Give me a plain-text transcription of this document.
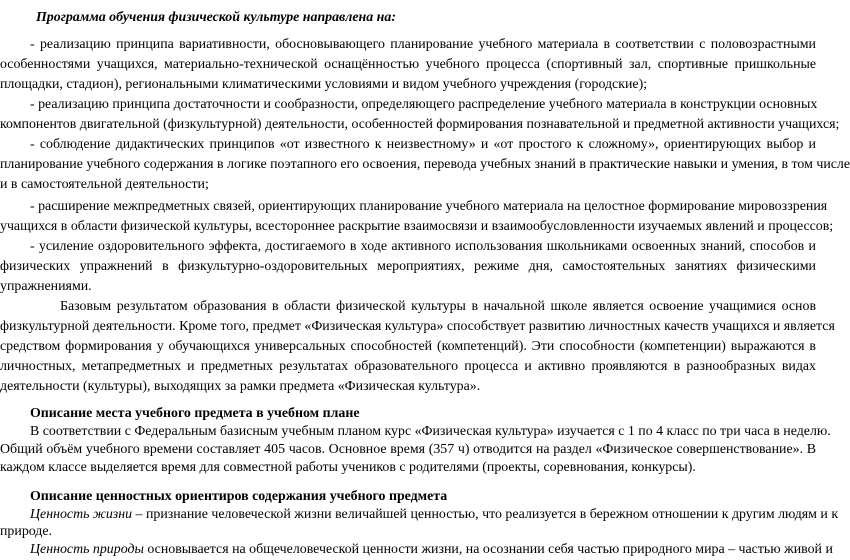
Программа обучения физической культуре направлена на:
- реализацию принципа вариативности, обосновывающего планирование учебного материала в соответствии с половозрастными
особенностями учащихся, материально-технической оснащённостью учебного процесса (спортивный зал, спортивные пришкольные
площадки, стадион), региональными климатическими условиями и видом учебного учреждения (городские);
- реализацию принципа достаточности и сообразности, определяющего распределение учебного материала в конструкции основных
компонентов двигательной (физкультурной) деятельности, особенностей формирования познавательной и предметной активности учащихся;
- соблюдение дидактических принципов «от известного к неизвестному» и «от простого к сложному», ориентирующих выбор и
планирование учебного содержания в логике поэтапного его освоения, перевода учебных знаний в практические навыки и умения, в том числе
и в самостоятельной деятельности;
- расширение межпредметных связей, ориентирующих планирование учебного материала на целостное формирование мировоззрения
учащихся в области физической культуры, всестороннее раскрытие взаимосвязи и взаимообусловленности изучаемых явлений и процессов;
- усиление оздоровительного эффекта, достигаемого в ходе активного использования школьниками освоенных знаний, способов и
физических упражнений в физкультурно-оздоровительных мероприятиях, режиме дня, самостоятельных занятиях физическими
упражнениями.
Базовым результатом образования в области физической культуры в начальной школе является освоение учащимися основ
физкультурной деятельности. Кроме того, предмет «Физическая культура» способствует развитию личностных качеств учащихся и является
средством формирования у обучающихся универсальных способностей (компетенций). Эти способности (компетенции) выражаются в
личностных, метапредметных и предметных результатах образовательного процесса и активно проявляются в разнообразных видах
деятельности (культуры), выходящих за рамки предмета «Физическая культура».
Описание места учебного предмета в учебном плане
В соответствии с Федеральным базисным учебным планом курс «Физическая культура» изучается с 1 по 4 класс по три часа в неделю.
Общий объём учебного времени составляет 405 часов. Основное время (357 ч) отводится на раздел «Физическое совершенствование». В
каждом классе выделяется время для совместной работы учеников с родителями (проекты, соревнования, конкурсы).
Описание ценностных ориентиров содержания учебного предмета
Ценность жизни – признание человеческой жизни величайшей ценностью, что реализуется в бережном отношении к другим людям и к
природе.
Ценность природы основывается на общечеловеческой ценности жизни, на осознании себя частью природного мира – частью живой и
